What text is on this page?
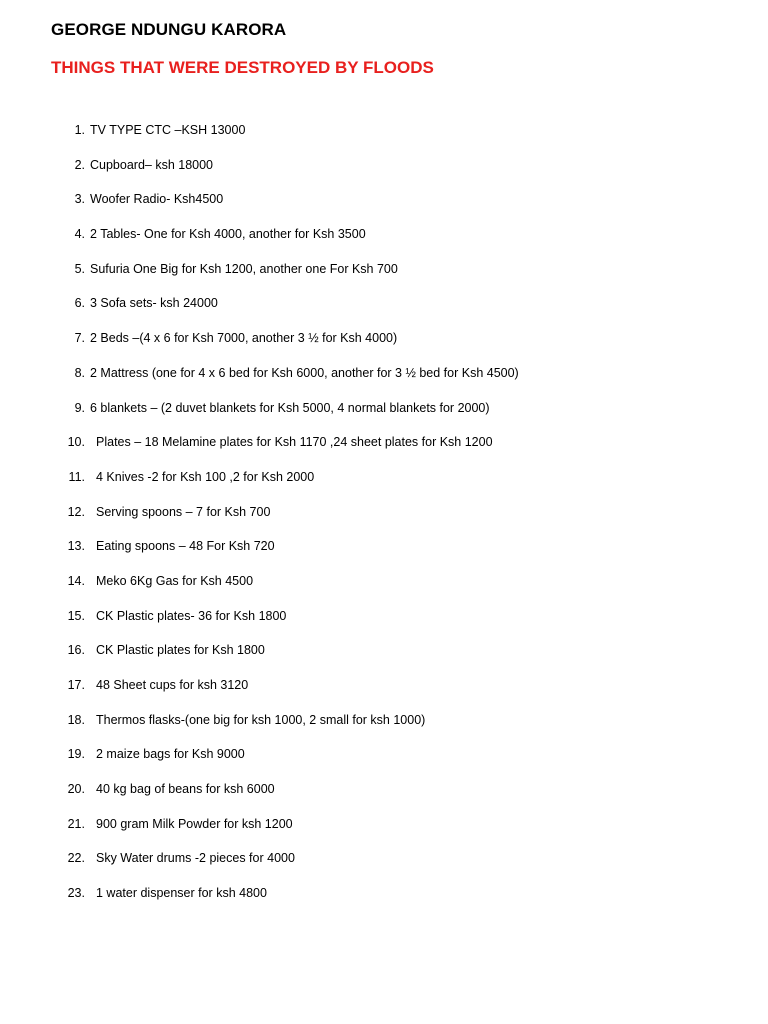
GEORGE NDUNGU KARORA
THINGS THAT WERE DESTROYED BY FLOODS
1. TV TYPE CTC –KSH 13000
2. Cupboard– ksh 18000
3. Woofer Radio- Ksh4500
4. 2 Tables- One for Ksh 4000, another for Ksh 3500
5. Sufuria One Big for Ksh 1200, another one For Ksh 700
6. 3 Sofa sets- ksh 24000
7. 2 Beds –(4 x 6 for Ksh 7000, another 3 ½ for Ksh 4000)
8. 2 Mattress (one for 4 x 6 bed for Ksh 6000, another for 3 ½ bed for Ksh 4500)
9. 6 blankets – (2 duvet blankets for Ksh 5000, 4 normal blankets for 2000)
10. Plates – 18 Melamine plates for Ksh 1170 ,24 sheet plates for Ksh 1200
11. 4 Knives -2 for Ksh 100 ,2 for Ksh 2000
12. Serving spoons – 7 for Ksh 700
13. Eating spoons – 48 For Ksh 720
14. Meko 6Kg Gas for Ksh 4500
15. CK Plastic plates- 36 for Ksh 1800
16. CK Plastic plates for Ksh 1800
17. 48 Sheet cups for ksh 3120
18. Thermos flasks-(one big for ksh 1000, 2 small for ksh 1000)
19. 2 maize bags for Ksh 9000
20. 40 kg bag of beans for ksh 6000
21. 900 gram Milk Powder for ksh 1200
22. Sky Water drums -2 pieces for 4000
23. 1 water dispenser for ksh 4800
